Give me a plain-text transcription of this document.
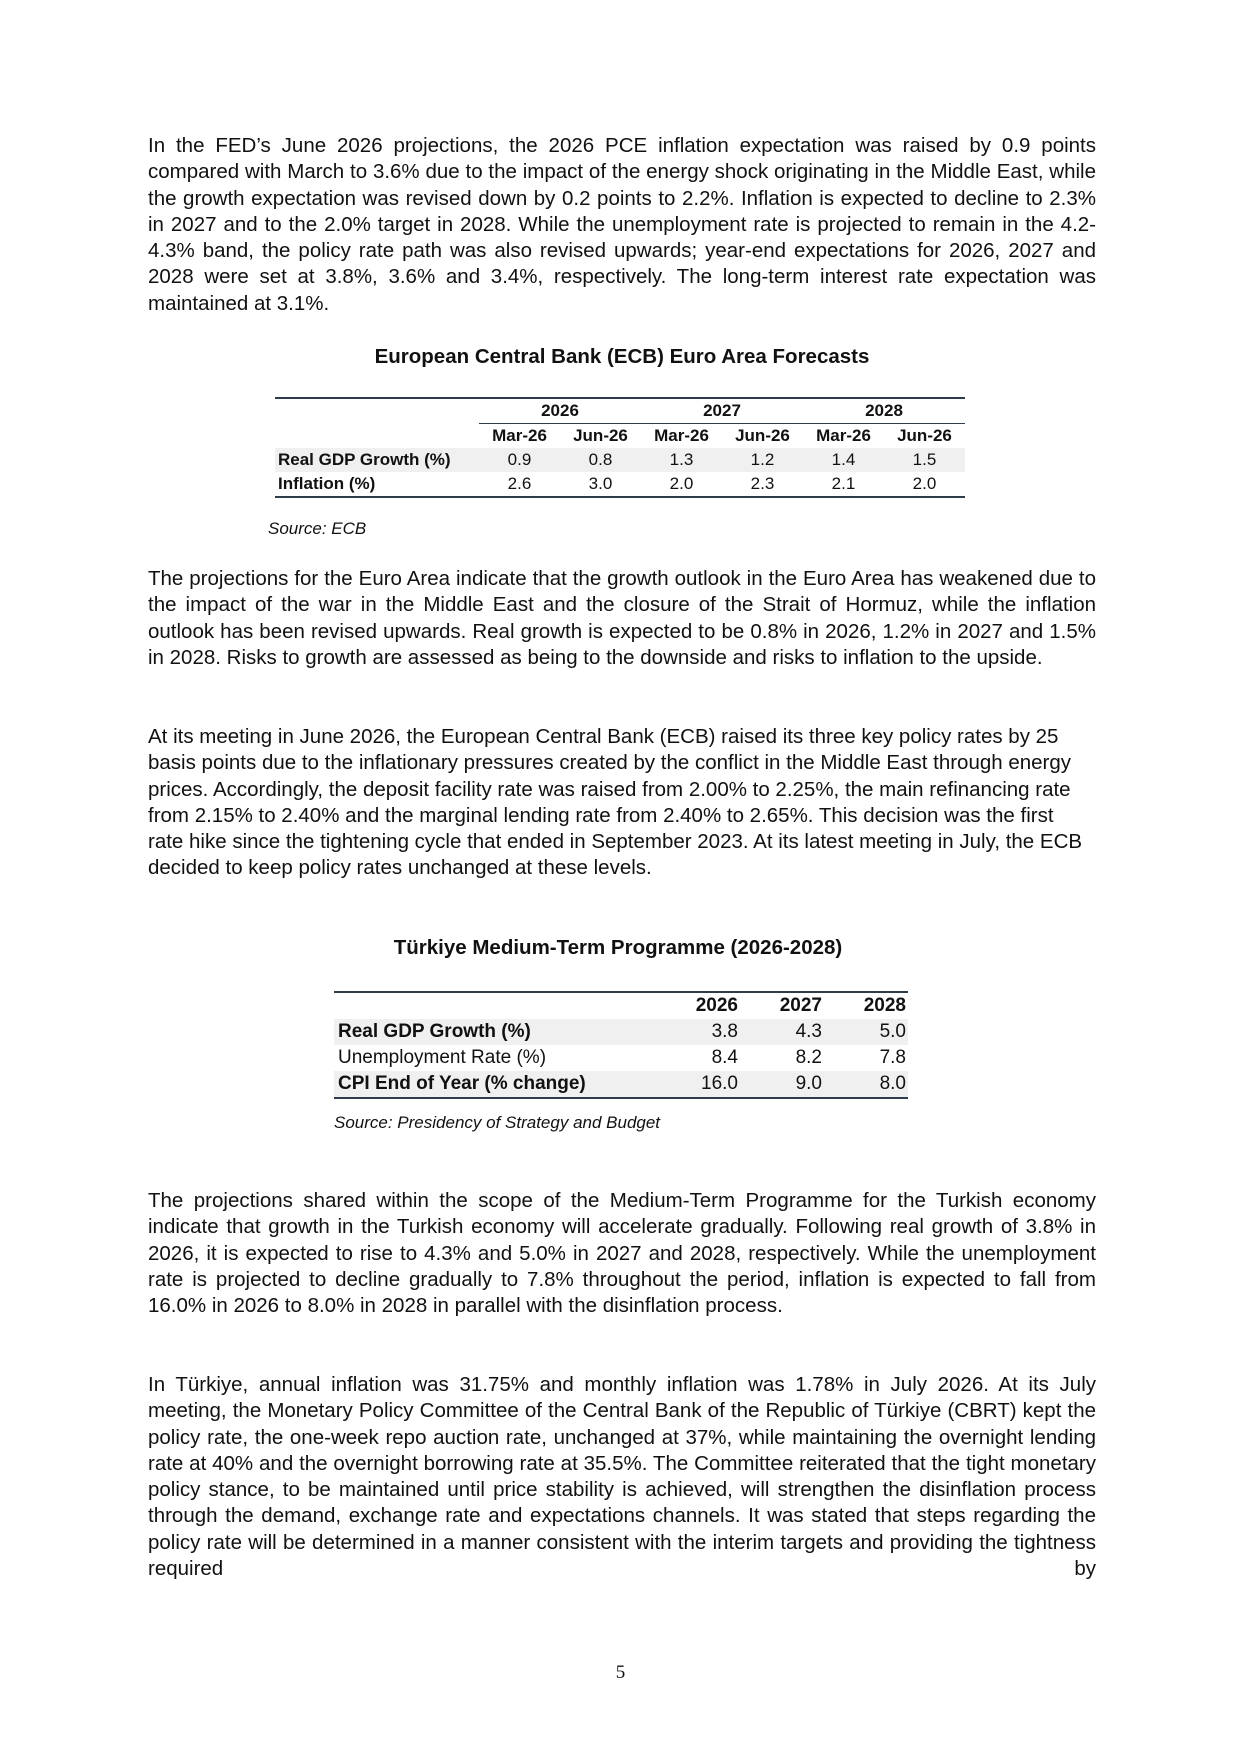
In the FED’s June 2026 projections, the 2026 PCE inflation expectation was raised by 0.9 points compared with March to 3.6% due to the impact of the energy shock originating in the Middle East, while the growth expectation was revised down by 0.2 points to 2.2%. Inflation is expected to decline to 2.3% in 2027 and to the 2.0% target in 2028. While the unemployment rate is projected to remain in the 4.2-4.3% band, the policy rate path was also revised upwards; year-end expectations for 2026, 2027 and 2028 were set at 3.8%, 3.6% and 3.4%, respectively. The long-term interest rate expectation was maintained at 3.1%.

European Central Bank (ECB) Euro Area Forecasts

	2026		2027		2028	
	Mar-26	Jun-26	Mar-26	Jun-26	Mar-26	Jun-26
Real GDP Growth (%)	0.9	0.8	1.3	1.2	1.4	1.5
Inflation (%)	2.6	3.0	2.0	2.3	2.1	2.0

Source: ECB

The projections for the Euro Area indicate that the growth outlook in the Euro Area has weakened due to the impact of the war in the Middle East and the closure of the Strait of Hormuz, while the inflation outlook has been revised upwards. Real growth is expected to be 0.8% in 2026, 1.2% in 2027 and 1.5% in 2028. Risks to growth are assessed as being to the downside and risks to inflation to the upside.

At its meeting in June 2026, the European Central Bank (ECB) raised its three key policy rates by 25 basis points due to the inflationary pressures created by the conflict in the Middle East through energy prices. Accordingly, the deposit facility rate was raised from 2.00% to 2.25%, the main refinancing rate from 2.15% to 2.40% and the marginal lending rate from 2.40% to 2.65%. This decision was the first rate hike since the tightening cycle that ended in September 2023. At its latest meeting in July, the ECB decided to keep policy rates unchanged at these levels.

Türkiye Medium-Term Programme (2026-2028)

	2026	2027	2028
Real GDP Growth (%)	3.8	4.3	5.0
Unemployment Rate (%)	8.4	8.2	7.8
CPI End of Year (% change)	16.0	9.0	8.0

Source: Presidency of Strategy and Budget

The projections shared within the scope of the Medium-Term Programme for the Turkish economy indicate that growth in the Turkish economy will accelerate gradually. Following real growth of 3.8% in 2026, it is expected to rise to 4.3% and 5.0% in 2027 and 2028, respectively. While the unemployment rate is projected to decline gradually to 7.8% throughout the period, inflation is expected to fall from 16.0% in 2026 to 8.0% in 2028 in parallel with the disinflation process.

In Türkiye, annual inflation was 31.75% and monthly inflation was 1.78% in July 2026. At its July meeting, the Monetary Policy Committee of the Central Bank of the Republic of Türkiye (CBRT) kept the policy rate, the one-week repo auction rate, unchanged at 37%, while maintaining the overnight lending rate at 40% and the overnight borrowing rate at 35.5%. The Committee reiterated that the tight monetary policy stance, to be maintained until price stability is achieved, will strengthen the disinflation process through the demand, exchange rate and expectations channels. It was stated that steps regarding the policy rate will be determined in a manner consistent with the interim targets and providing the tightness required by

5
